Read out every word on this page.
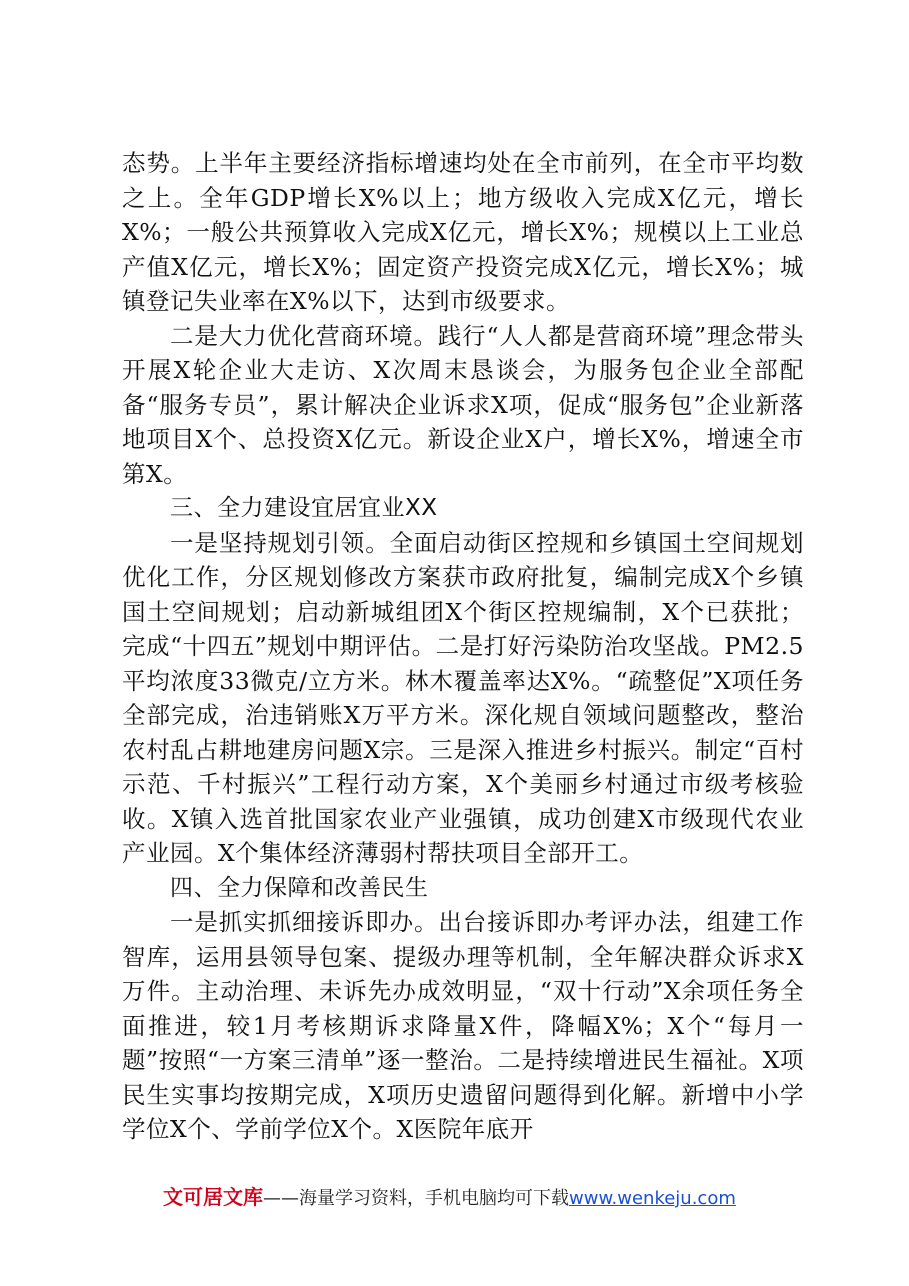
态势。上半年主要经济指标增速均处在全市前列，在全市平均数之上。全年GDP增长X%以上；地方级收入完成X亿元，增长X%；一般公共预算收入完成X亿元，增长X%；规模以上工业总产值X亿元，增长X%；固定资产投资完成X亿元，增长X%；城镇登记失业率在X%以下，达到市级要求。

二是大力优化营商环境。践行“人人都是营商环境”理念带头开展X轮企业大走访、X次周末恳谈会，为服务包企业全部配备“服务专员”，累计解决企业诉求X项，促成“服务包”企业新落地项目X个、总投资X亿元。新设企业X户，增长X%，增速全市第X。

三、全力建设宜居宜业XX

一是坚持规划引领。全面启动街区控规和乡镇国土空间规划优化工作，分区规划修改方案获市政府批复，编制完成X个乡镇国土空间规划；启动新城组团X个街区控规编制，X个已获批；完成“十四五”规划中期评估。二是打好污染防治攻坚战。PM2.5平均浓度33微克/立方米。林木覆盖率达X%。“疏整促”X项任务全部完成，治违销账X万平方米。深化规自领域问题整改，整治农村乱占耕地建房问题X宗。三是深入推进乡村振兴。制定“百村示范、千村振兴”工程行动方案，X个美丽乡村通过市级考核验收。X镇入选首批国家农业产业强镇，成功创建X市级现代农业产业园。X个集体经济薄弱村帮扶项目全部开工。

四、全力保障和改善民生

一是抓实抓细接诉即办。出台接诉即办考评办法，组建工作智库，运用县领导包案、提级办理等机制，全年解决群众诉求X万件。主动治理、未诉先办成效明显，“双十行动”X余项任务全面推进，较1月考核期诉求降量X件，降幅X%；X个“每月一题”按照“一方案三清单”逐一整治。二是持续增进民生福祉。X项民生实事均按期完成，X项历史遗留问题得到化解。新增中小学学位X个、学前学位X个。X医院年底开

文可居文库——海量学习资料，手机电脑均可下载www.wenkeju.com
